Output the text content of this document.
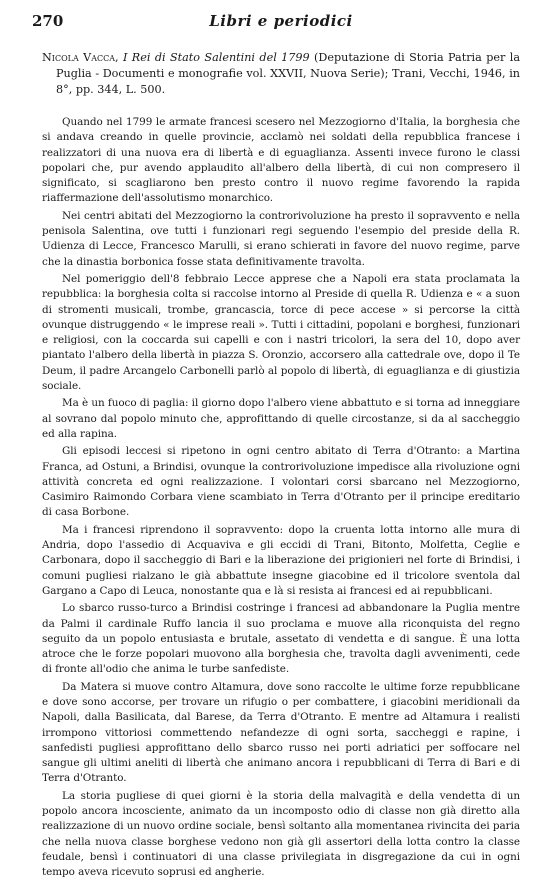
270	Libri e periodici

Nicola Vacca, I Rei di Stato Salentini del 1799 (Deputazione di Storia Patria per la Puglia - Documenti e monografie vol. XXVII, Nuova Serie); Trani, Vecchi, 1946, in 8°, pp. 344, L. 500.

Quando nel 1799 le armate francesi scesero nel Mezzogiorno d'Italia, la borghesia che si andava creando in quelle provincie, acclamò nei soldati della repubblica francese i realizzatori di una nuova era di libertà e di eguaglianza. Assenti invece furono le classi popolari che, pur avendo applaudito all'albero della libertà, di cui non compresero il significato, si scagliarono ben presto contro il nuovo regime favorendo la rapida riaffermazione dell'assolutismo monarchico.

Nei centri abitati del Mezzogiorno la controrivoluzione ha presto il sopravvento e nella penisola Salentina, ove tutti i funzionari regi seguendo l'esempio del preside della R. Udienza di Lecce, Francesco Marulli, si erano schierati in favore del nuovo regime, parve che la dinastia borbonica fosse stata definitivamente travolta.

Nel pomeriggio dell'8 febbraio Lecce apprese che a Napoli era stata proclamata la repubblica: la borghesia colta si raccolse intorno al Preside di quella R. Udienza e « a suon di stromenti musicali, trombe, grancascia, torce di pece accese » si percorse la città ovunque distruggendo « le imprese reali ». Tutti i cittadini, popolani e borghesi, funzionari e religiosi, con la coccarda sui capelli e con i nastri tricolori, la sera del 10, dopo aver piantato l'albero della libertà in piazza S. Oronzio, accorsero alla cattedrale ove, dopo il Te Deum, il padre Arcangelo Carbonelli parlò al popolo di libertà, di eguaglianza e di giustizia sociale.

Ma è un fuoco di paglia: il giorno dopo l'albero viene abbattuto e si torna ad inneggiare al sovrano dal popolo minuto che, approfittando di quelle circostanze, si da al saccheggio ed alla rapina.

Gli episodi leccesi si ripetono in ogni centro abitato di Terra d'Otranto: a Martina Franca, ad Ostuni, a Brindisi, ovunque la controrivoluzione impedisce alla rivoluzione ogni attività concreta ed ogni realizzazione. I volontari corsi sbarcano nel Mezzogiorno, Casimiro Raimondo Corbara viene scambiato in Terra d'Otranto per il principe ereditario di casa Borbone.

Ma i francesi riprendono il sopravvento: dopo la cruenta lotta intorno alle mura di Andria, dopo l'assedio di Acquaviva e gli eccidi di Trani, Bitonto, Molfetta, Ceglie e Carbonara, dopo il saccheggio di Bari e la liberazione dei prigionieri nel forte di Brindisi, i comuni pugliesi rialzano le già abbattute insegne giacobine ed il tricolore sventola dal Gargano a Capo di Leuca, nonostante qua e là si resista ai francesi ed ai repubblicani.

Lo sbarco russo-turco a Brindisi costringe i francesi ad abbandonare la Puglia mentre da Palmi il cardinale Ruffo lancia il suo proclama e muove alla riconquista del regno seguito da un popolo entusiasta e brutale, assetato di vendetta e di sangue. È una lotta atroce che le forze popolari muovono alla borghesia che, travolta dagli avvenimenti, cede di fronte all'odio che anima le turbe sanfediste.

Da Matera si muove contro Altamura, dove sono raccolte le ultime forze repubblicane e dove sono accorse, per trovare un rifugio o per combattere, i giacobini meridionali da Napoli, dalla Basilicata, dal Barese, da Terra d'Otranto. E mentre ad Altamura i realisti irrompono vittoriosi commettendo nefandezze di ogni sorta, saccheggi e rapine, i sanfedisti pugliesi approfittano dello sbarco russo nei porti adriatici per soffocare nel sangue gli ultimi aneliti di libertà che animano ancora i repubblicani di Terra di Bari e di Terra d'Otranto.

La storia pugliese di quei giorni è la storia della malvagità e della vendetta di un popolo ancora incosciente, animato da un incomposto odio di classe non già diretto alla realizzazione di un nuovo ordine sociale, bensì soltanto alla momentanea rivincita dei paria che nella nuova classe borghese vedono non già gli assertori della lotta contro la classe feudale, bensì i continuatori di una classe privilegiata in disgregazione da cui in ogni tempo aveva ricevuto soprusi ed angherie.
